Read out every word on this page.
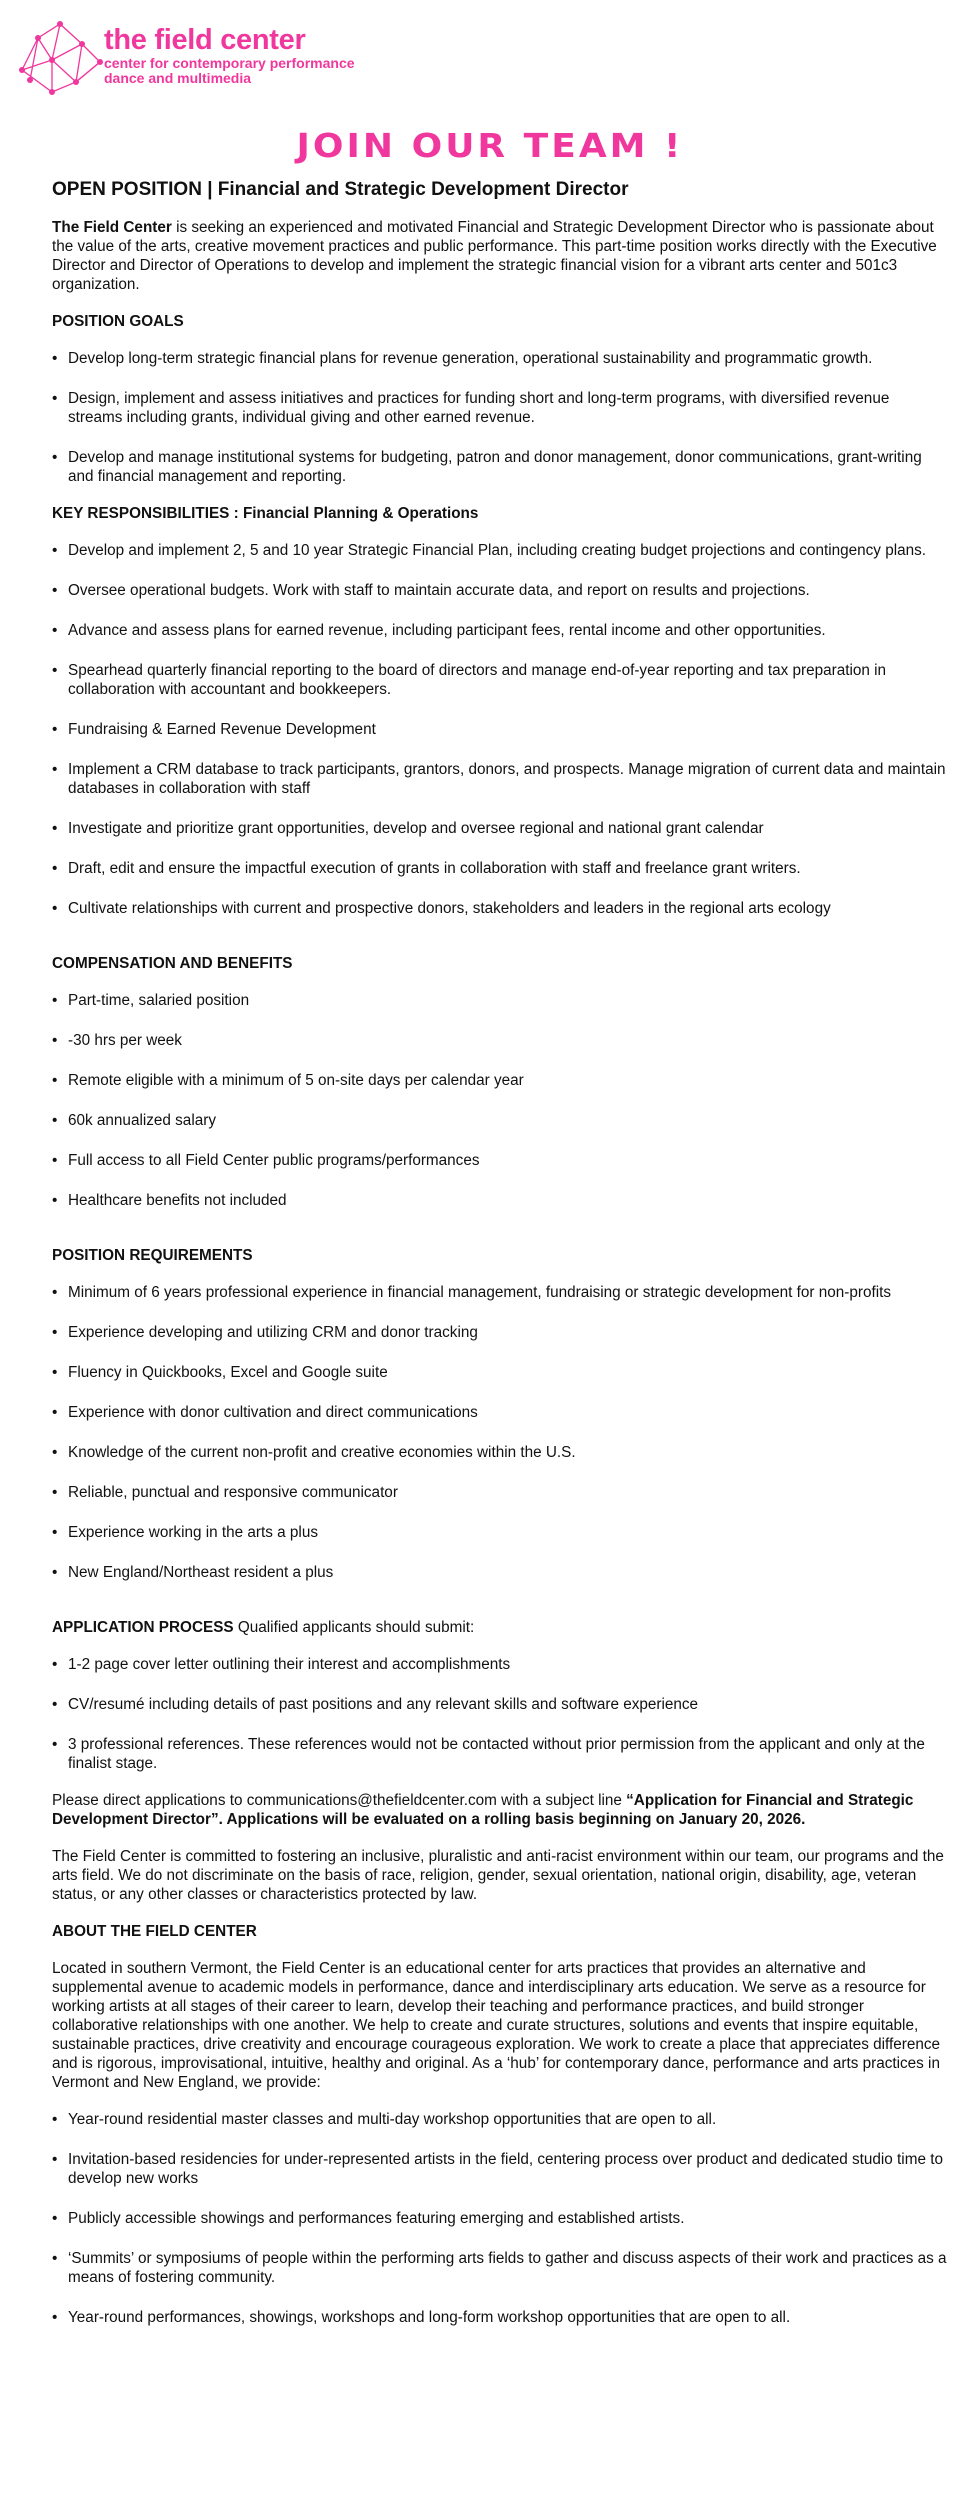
the field center
center for contemporary performance
dance and multimedia
JOIN OUR TEAM !
OPEN POSITION | Financial and Strategic Development Director

The Field Center is seeking an experienced and motivated Financial and Strategic Development Director who is passionate about the value of the arts, creative movement practices and public performance. This part-time position works directly with the Executive Director and Director of Operations to develop and implement the strategic financial vision for a vibrant arts center and 501c3 organization.

POSITION GOALS
• Develop long-term strategic financial plans for revenue generation, operational sustainability and programmatic growth.
• Design, implement and assess initiatives and practices for funding short and long-term programs, with diversified revenue streams including grants, individual giving and other earned revenue.
• Develop and manage institutional systems for budgeting, patron and donor management, donor communications, grant-writing and financial management and reporting.
KEY RESPONSIBILITIES : Financial Planning & Operations
• Develop and implement 2, 5 and 10 year Strategic Financial Plan, including creating budget projections and contingency plans.
• Oversee operational budgets. Work with staff to maintain accurate data, and report on results and projections.
• Advance and assess plans for earned revenue, including participant fees, rental income and other opportunities.
• Spearhead quarterly financial reporting to the board of directors and manage end-of-year reporting and tax preparation in collaboration with accountant and bookkeepers.
• Fundraising & Earned Revenue Development
• Implement a CRM database to track participants, grantors, donors, and prospects. Manage migration of current data and maintain databases in collaboration with staff
• Investigate and prioritize grant opportunities, develop and oversee regional and national grant calendar
• Draft, edit and ensure the impactful execution of grants in collaboration with staff and freelance grant writers.
• Cultivate relationships with current and prospective donors, stakeholders and leaders in the regional arts ecology
COMPENSATION AND BENEFITS
• Part-time, salaried position
• -30 hrs per week
• Remote eligible with a minimum of 5 on-site days per calendar year
• 60k annualized salary
• Full access to all Field Center public programs/performances
• Healthcare benefits not included
POSITION REQUIREMENTS
• Minimum of 6 years professional experience in financial management, fundraising or strategic development for non-profits
• Experience developing and utilizing CRM and donor tracking
• Fluency in Quickbooks, Excel and Google suite
• Experience with donor cultivation and direct communications
• Knowledge of the current non-profit and creative economies within the U.S.
• Reliable, punctual and responsive communicator
• Experience working in the arts a plus
• New England/Northeast resident a plus
APPLICATION PROCESS Qualified applicants should submit:
• 1-2 page cover letter outlining their interest and accomplishments
• CV/resumé including details of past positions and any relevant skills and software experience
• 3 professional references. These references would not be contacted without prior permission from the applicant and only at the finalist stage.

Please direct applications to communications@thefieldcenter.com with a subject line “Application for Financial and Strategic Development Director”. Applications will be evaluated on a rolling basis beginning on January 20, 2026.

The Field Center is committed to fostering an inclusive, pluralistic and anti-racist environment within our team, our programs and the arts field. We do not discriminate on the basis of race, religion, gender, sexual orientation, national origin, disability, age, veteran status, or any other classes or characteristics protected by law.

ABOUT THE FIELD CENTER

Located in southern Vermont, the Field Center is an educational center for arts practices that provides an alternative and supplemental avenue to academic models in performance, dance and interdisciplinary arts education. We serve as a resource for working artists at all stages of their career to learn, develop their teaching and performance practices, and build stronger collaborative relationships with one another. We help to create and curate structures, solutions and events that inspire equitable, sustainable practices, drive creativity and encourage courageous exploration. We work to create a place that appreciates difference and is rigorous, improvisational, intuitive, healthy and original. As a ‘hub’ for contemporary dance, performance and arts practices in Vermont and New England, we provide:

• Year-round residential master classes and multi-day workshop opportunities that are open to all.
• Invitation-based residencies for under-represented artists in the field, centering process over product and dedicated studio time to develop new works
• Publicly accessible showings and performances featuring emerging and established artists.
• ‘Summits’ or symposiums of people within the performing arts fields to gather and discuss aspects of their work and practices as a means of fostering community.
• Year-round performances, showings, workshops and long-form workshop opportunities that are open to all.
